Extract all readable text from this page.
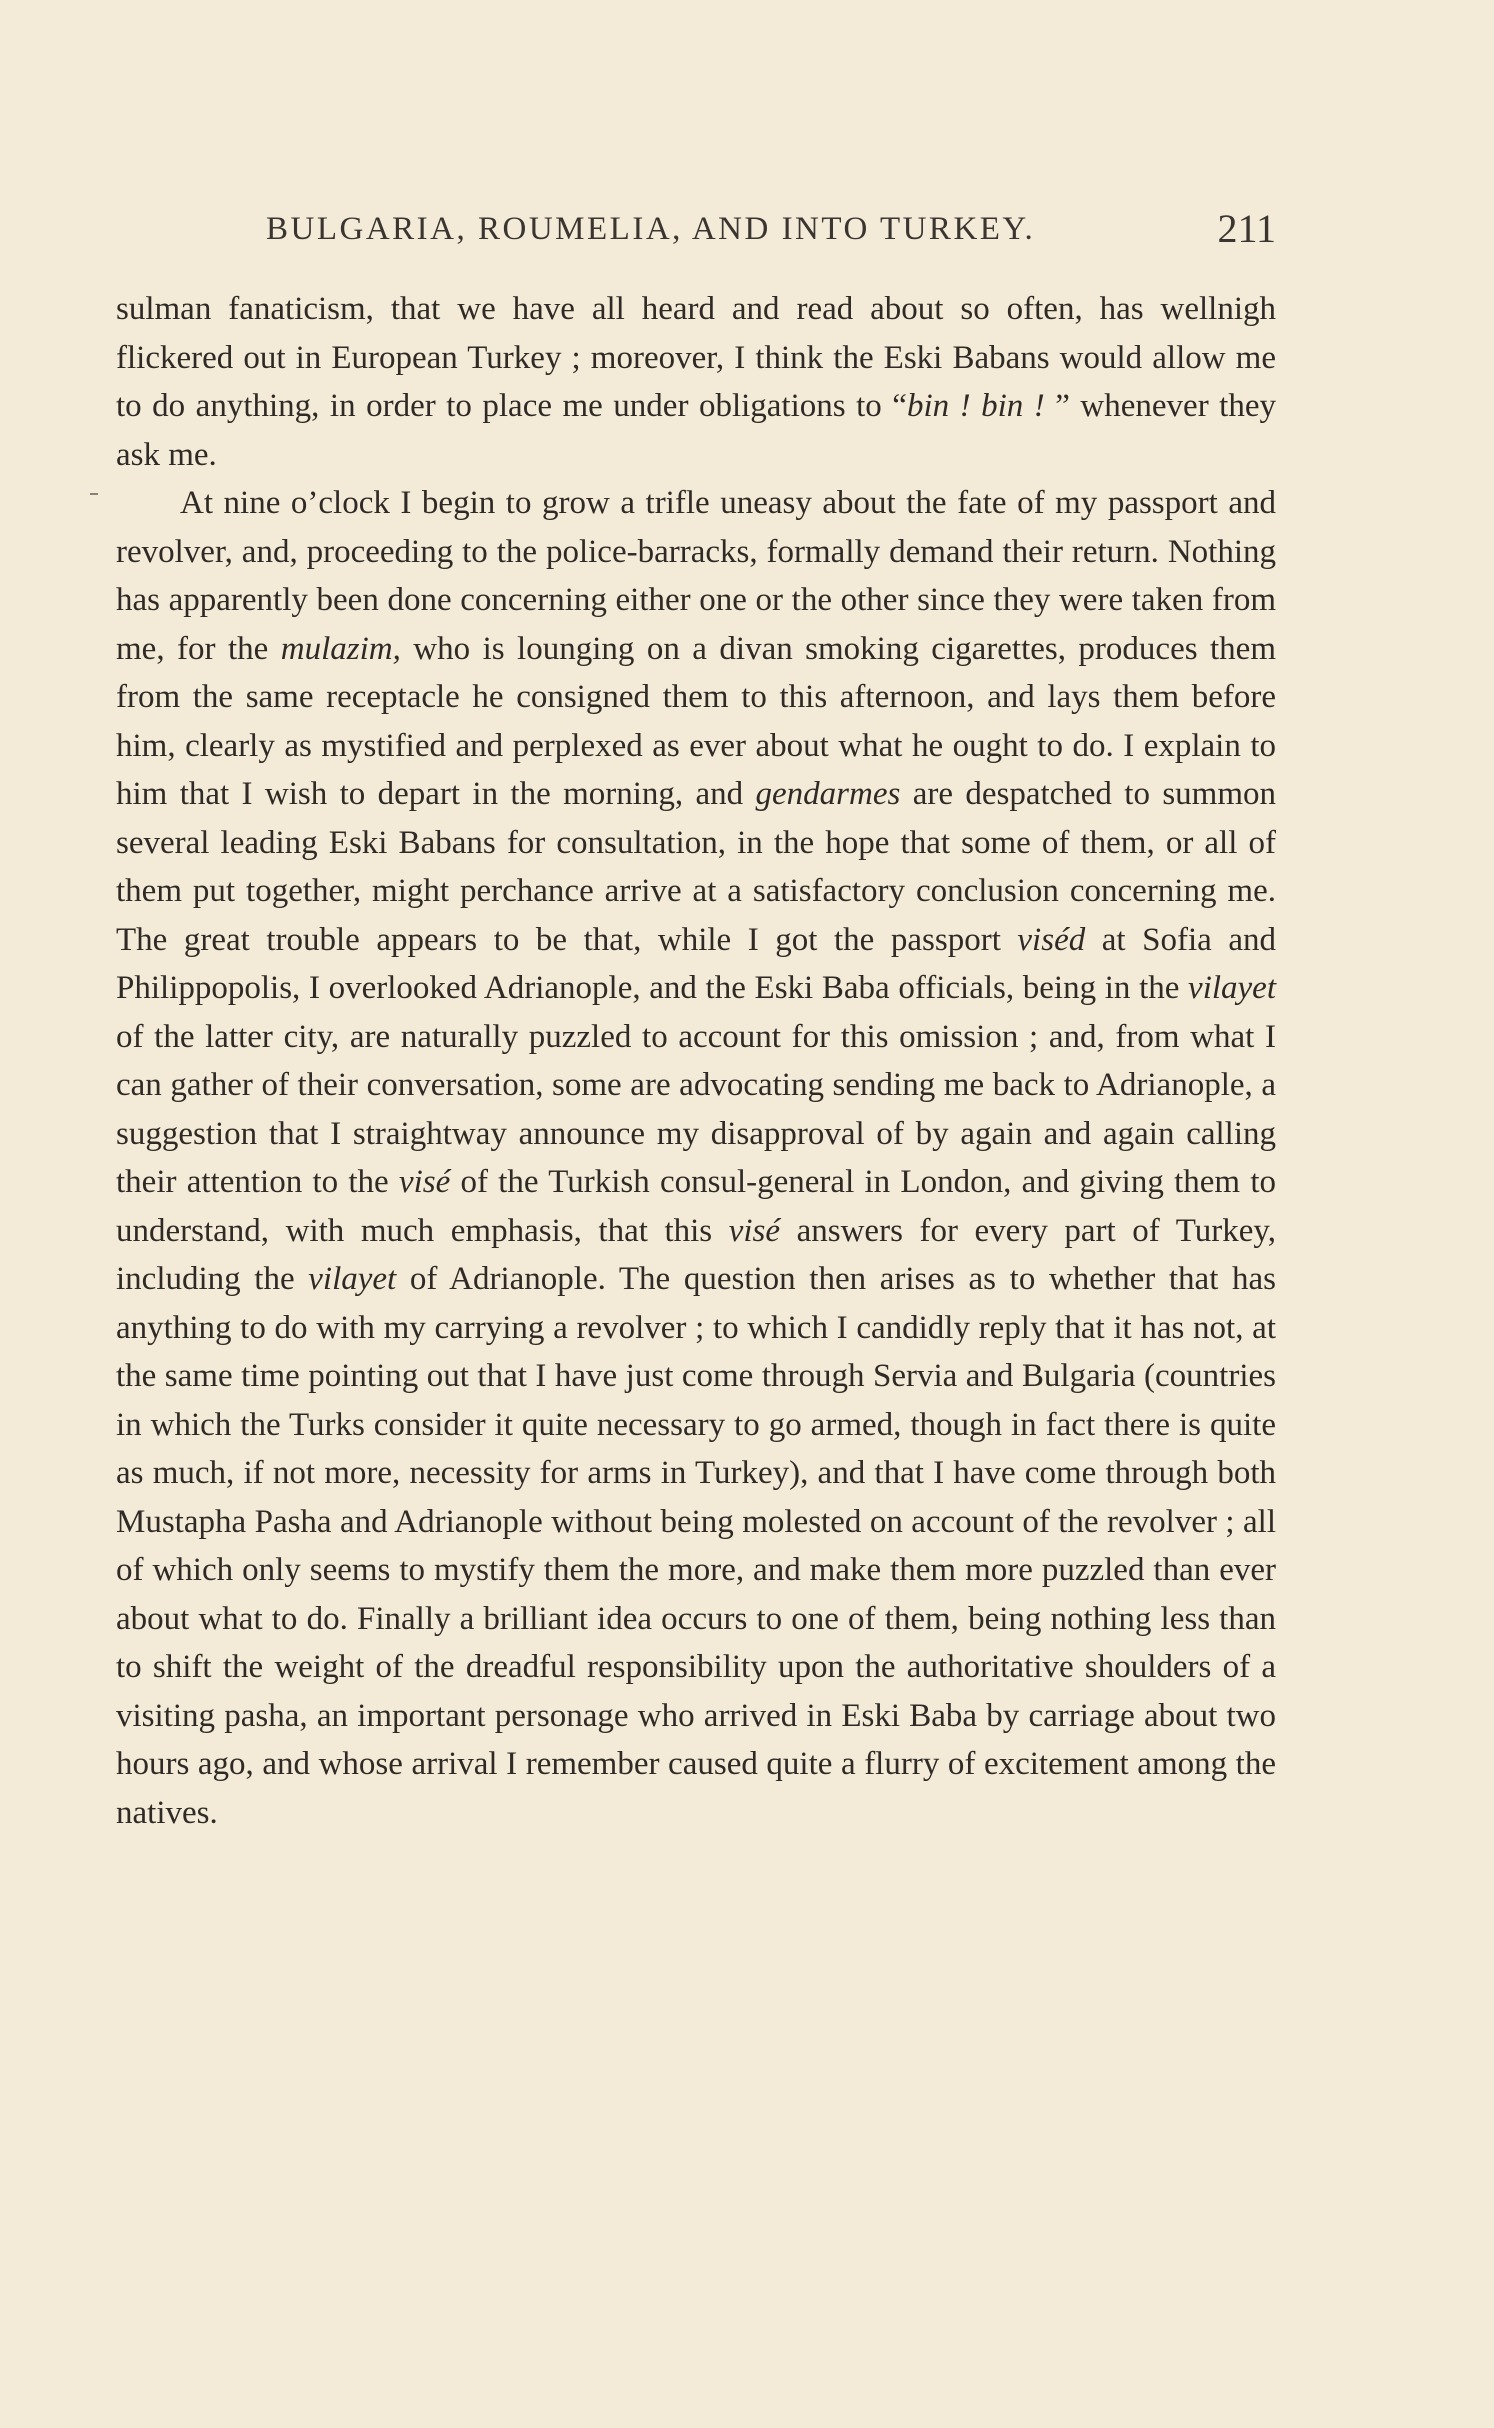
BULGARIA, ROUMELIA, AND INTO TURKEY.	211

sulman fanaticism, that we have all heard and read about so often, has wellnigh flickered out in European Turkey ; moreover, I think the Eski Babans would allow me to do anything, in order to place me under obligations to “bin ! bin ! ” whenever they ask me.

At nine o’clock I begin to grow a trifle uneasy about the fate of my passport and revolver, and, proceeding to the police-barracks, formally demand their return. Nothing has apparently been done concerning either one or the other since they were taken from me, for the mulazim, who is lounging on a divan smoking cigarettes, produces them from the same receptacle he consigned them to this afternoon, and lays them before him, clearly as mystified and perplexed as ever about what he ought to do. I explain to him that I wish to depart in the morning, and gendarmes are despatched to summon several leading Eski Babans for consultation, in the hope that some of them, or all of them put together, might perchance arrive at a satisfactory conclusion concerning me. The great trouble appears to be that, while I got the passport viséd at Sofia and Philippopolis, I overlooked Adrianople, and the Eski Baba officials, being in the vilayet of the latter city, are naturally puzzled to account for this omission ; and, from what I can gather of their conversation, some are advocating sending me back to Adrianople, a suggestion that I straightway announce my disapproval of by again and again calling their attention to the visé of the Turkish consul-general in London, and giving them to understand, with much emphasis, that this visé answers for every part of Turkey, including the vilayet of Adrianople. The question then arises as to whether that has anything to do with my carrying a revolver ; to which I candidly reply that it has not, at the same time pointing out that I have just come through Servia and Bulgaria (countries in which the Turks consider it quite necessary to go armed, though in fact there is quite as much, if not more, necessity for arms in Turkey), and that I have come through both Mustapha Pasha and Adrianople without being molested on account of the revolver ; all of which only seems to mystify them the more, and make them more puzzled than ever about what to do. Finally a brilliant idea occurs to one of them, being nothing less than to shift the weight of the dreadful responsibility upon the authoritative shoulders of a visiting pasha, an important personage who arrived in Eski Baba by carriage about two hours ago, and whose arrival I remember caused quite a flurry of excitement among the natives.
